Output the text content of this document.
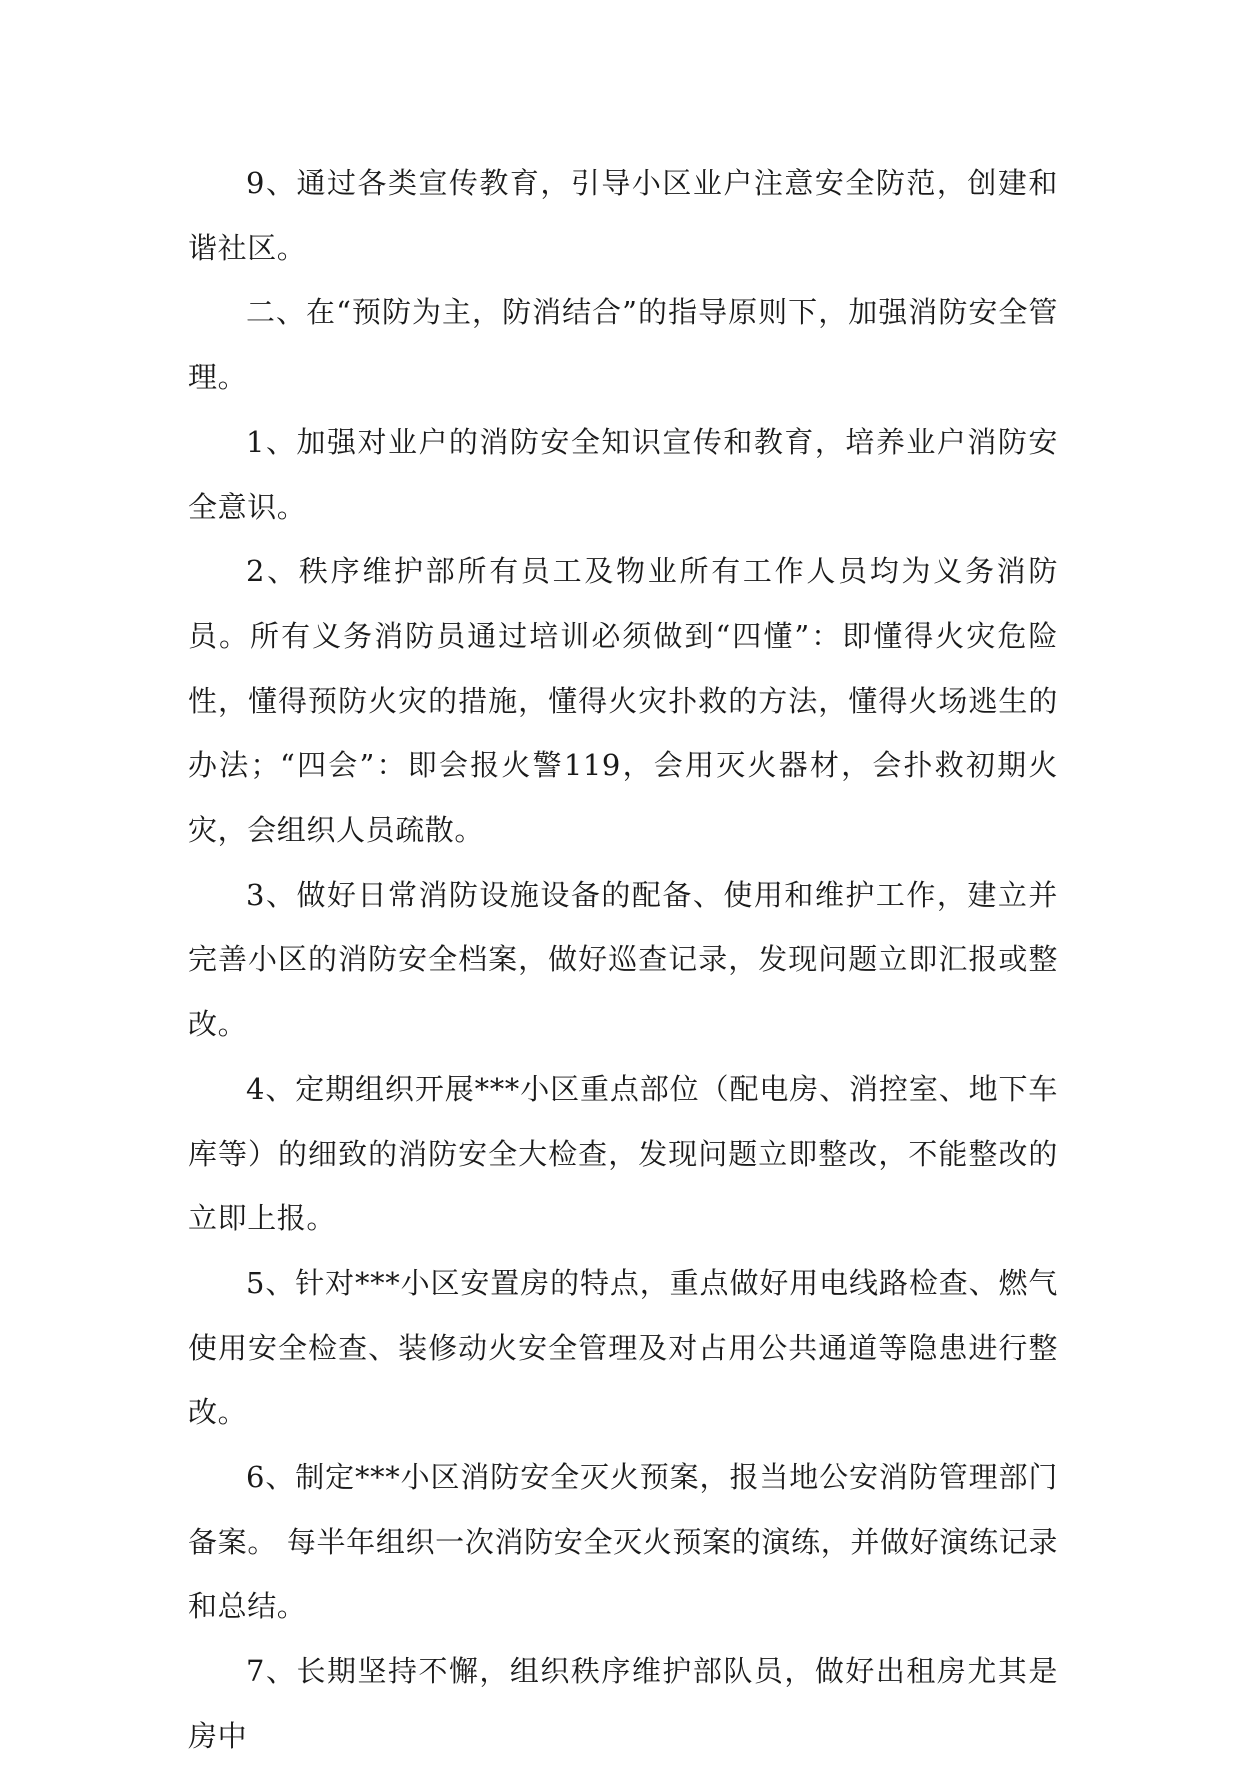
9、通过各类宣传教育，引导小区业户注意安全防范，创建和谐社区。

二、在“预防为主，防消结合”的指导原则下，加强消防安全管理。

1、加强对业户的消防安全知识宣传和教育，培养业户消防安全意识。

2、秩序维护部所有员工及物业所有工作人员均为义务消防员。所有义务消防员通过培训必须做到“四懂”：即懂得火灾危险性，懂得预防火灾的措施，懂得火灾扑救的方法，懂得火场逃生的办法；“四会”：即会报火警119，会用灭火器材，会扑救初期火灾，会组织人员疏散。

3、做好日常消防设施设备的配备、使用和维护工作，建立并完善小区的消防安全档案，做好巡查记录，发现问题立即汇报或整改。

4、定期组织开展***小区重点部位（配电房、消控室、地下车库等）的细致的消防安全大检查，发现问题立即整改，不能整改的立即上报。

5、针对***小区安置房的特点，重点做好用电线路检查、燃气使用安全检查、装修动火安全管理及对占用公共通道等隐患进行整改。

6、制定***小区消防安全灭火预案，报当地公安消防管理部门备案。 每半年组织一次消防安全灭火预案的演练，并做好演练记录和总结。

7、长期坚持不懈，组织秩序维护部队员，做好出租房尤其是房中
